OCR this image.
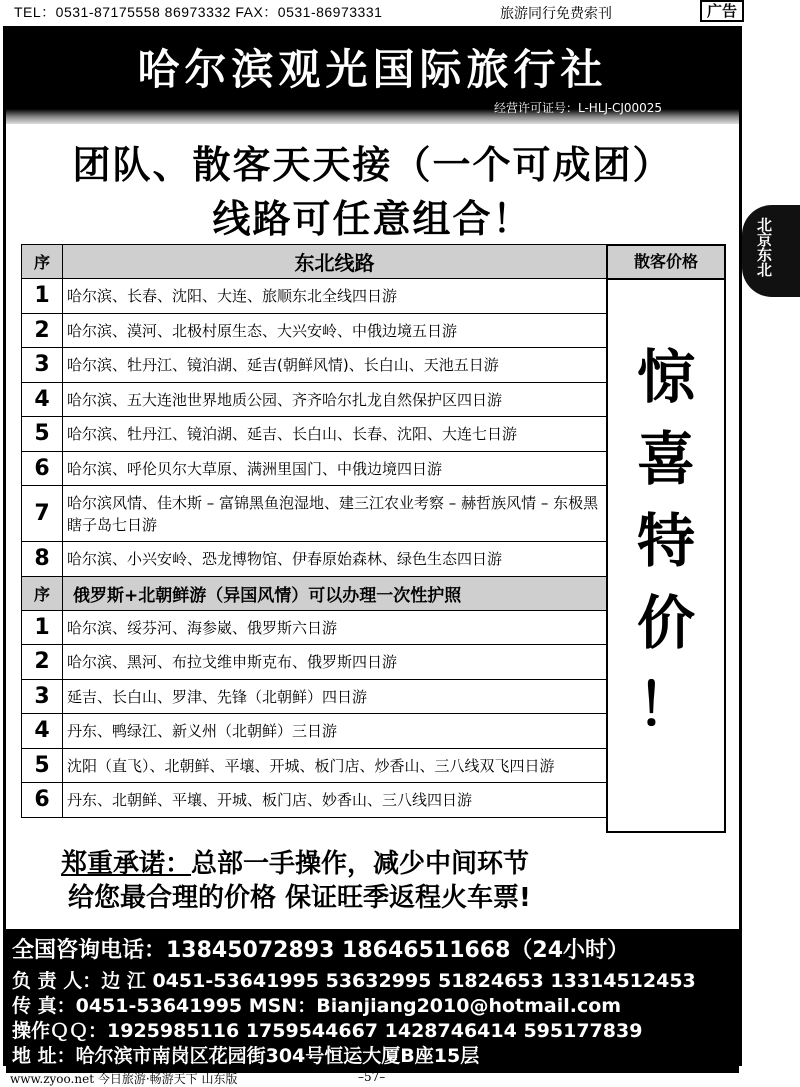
TEL：0531-87175558 86973332 FAX：0531-86973331	旅游同行免费索刊	广告
北京东北
哈尔滨观光国际旅行社
经营许可证号：L-HLJ-CJ00025
团队、散客天天接（一个可成团）
线路可任意组合！
序	东北线路
1	哈尔滨、长春、沈阳、大连、旅顺东北全线四日游
2	哈尔滨、漠河、北极村原生态、大兴安岭、中俄边境五日游
3	哈尔滨、牡丹江、镜泊湖、延吉(朝鲜风情)、长白山、天池五日游
4	哈尔滨、五大连池世界地质公园、齐齐哈尔扎龙自然保护区四日游
5	哈尔滨、牡丹江、镜泊湖、延吉、长白山、长春、沈阳、大连七日游
6	哈尔滨、呼伦贝尔大草原、满洲里国门、中俄边境四日游
7	哈尔滨风情、佳木斯 – 富锦黑鱼泡湿地、建三江农业考察 – 赫哲族风情 – 东极黑瞎子岛七日游
8	哈尔滨、小兴安岭、恐龙博物馆、伊春原始森林、绿色生态四日游
序	俄罗斯+北朝鲜游（异国风情）可以办理一次性护照
1	哈尔滨、绥芬河、海参崴、俄罗斯六日游
2	哈尔滨、黑河、布拉戈维申斯克布、俄罗斯四日游
3	延吉、长白山、罗津、先锋（北朝鲜）四日游
4	丹东、鸭绿江、新义州（北朝鲜）三日游
5	沈阳（直飞）、北朝鲜、平壤、开城、板门店、炒香山、三八线双飞四日游
6	丹东、北朝鲜、平壤、开城、板门店、妙香山、三八线四日游
散客价格
惊
喜
特
价
！
郑重承诺：总部一手操作，减少中间环节
给您最合理的价格 保证旺季返程火车票!
全国咨询电话：13845072893 18646511668（24小时）
负 责 人：边 江 0451-53641995 53632995 51824653 13314512453
传 真：0451-53641995 MSN：Bianjiang2010@hotmail.com
操作ＱＱ：1925985116 1759544667 1428746414 595177839
地 址：哈尔滨市南岗区花园街304号恒运大厦B座15层
www.zyoo.net 今日旅游·畅游天下 山东版	–57–
